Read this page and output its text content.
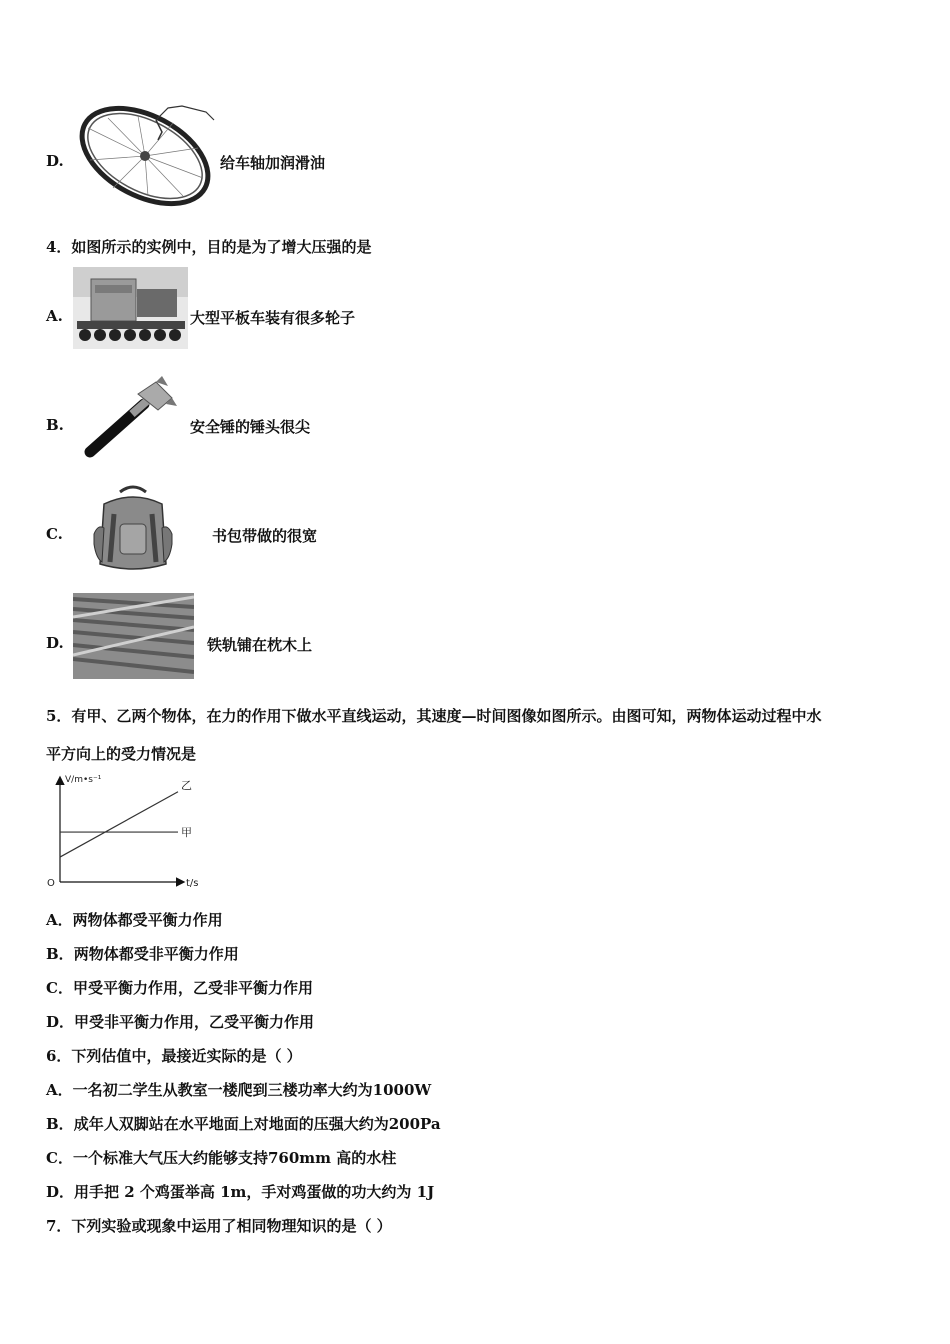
D.	给车轴加润滑油
4．如图所示的实例中，目的是为了增大压强的是
A.	大型平板车装有很多轮子
B.	安全锤的锤头很尖
C.	书包带做的很宽
D.	铁轨铺在枕木上
5．有甲、乙两个物体，在力的作用下做水平直线运动，其速度—时间图像如图所示。由图可知，两物体运动过程中水
平方向上的受力情况是
V/m•s⁻¹
t/s
O
甲
乙
A．两物体都受平衡力作用
B．两物体都受非平衡力作用
C．甲受平衡力作用，乙受非平衡力作用
D．甲受非平衡力作用，乙受平衡力作用
6．下列估值中，最接近实际的是（ ）
A．一名初二学生从教室一楼爬到三楼功率大约为1000W
B．成年人双脚站在水平地面上对地面的压强大约为200Pa
C．一个标准大气压大约能够支持760mm 高的水柱
D．用手把 2 个鸡蛋举高 1m，手对鸡蛋做的功大约为 1J
7．下列实验或现象中运用了相同物理知识的是（ ）
